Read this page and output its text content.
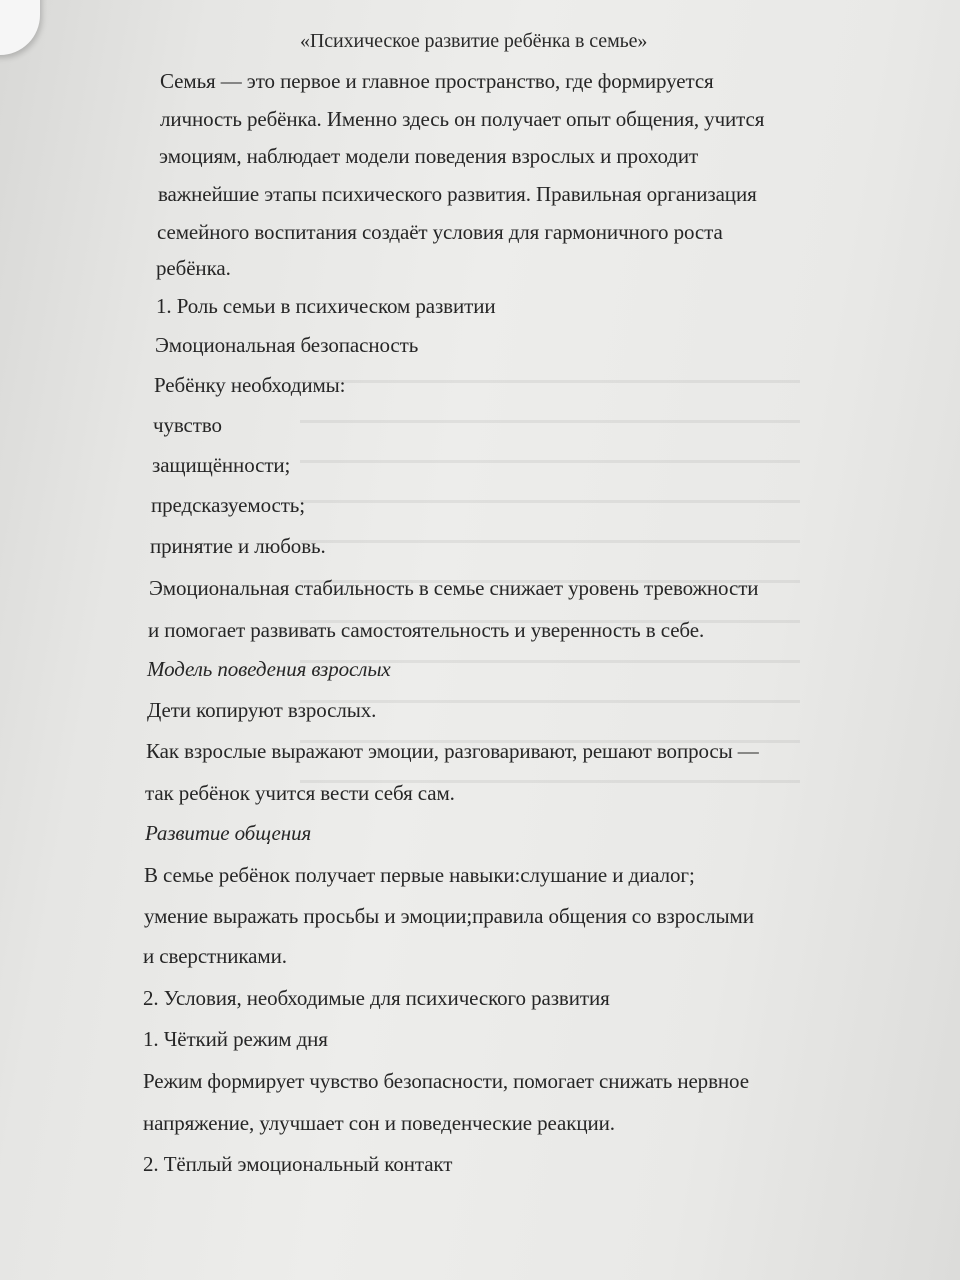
«Психическое развитие ребёнка в семье»
Семья — это первое и главное пространство, где формируется
личность ребёнка. Именно здесь он получает опыт общения, учится
эмоциям, наблюдает модели поведения взрослых и проходит
важнейшие этапы психического развития. Правильная организация
семейного воспитания создаёт условия для гармоничного роста
ребёнка.
1. Роль семьи в психическом развитии
Эмоциональная безопасность
Ребёнку необходимы:
чувство
защищённости;
предсказуемость;
принятие и любовь.
Эмоциональная стабильность в семье снижает уровень тревожности
и помогает развивать самостоятельность и уверенность в себе.
Модель поведения взрослых
Дети копируют взрослых.
Как взрослые выражают эмоции, разговаривают, решают вопросы —
так ребёнок учится вести себя сам.
Развитие общения
В семье ребёнок получает первые навыки:слушание и диалог;
умение выражать просьбы и эмоции;правила общения со взрослыми
и сверстниками.
2. Условия, необходимые для психического развития
1. Чёткий режим дня
Режим формирует чувство безопасности, помогает снижать нервное
напряжение, улучшает сон и поведенческие реакции.
2. Тёплый эмоциональный контакт
